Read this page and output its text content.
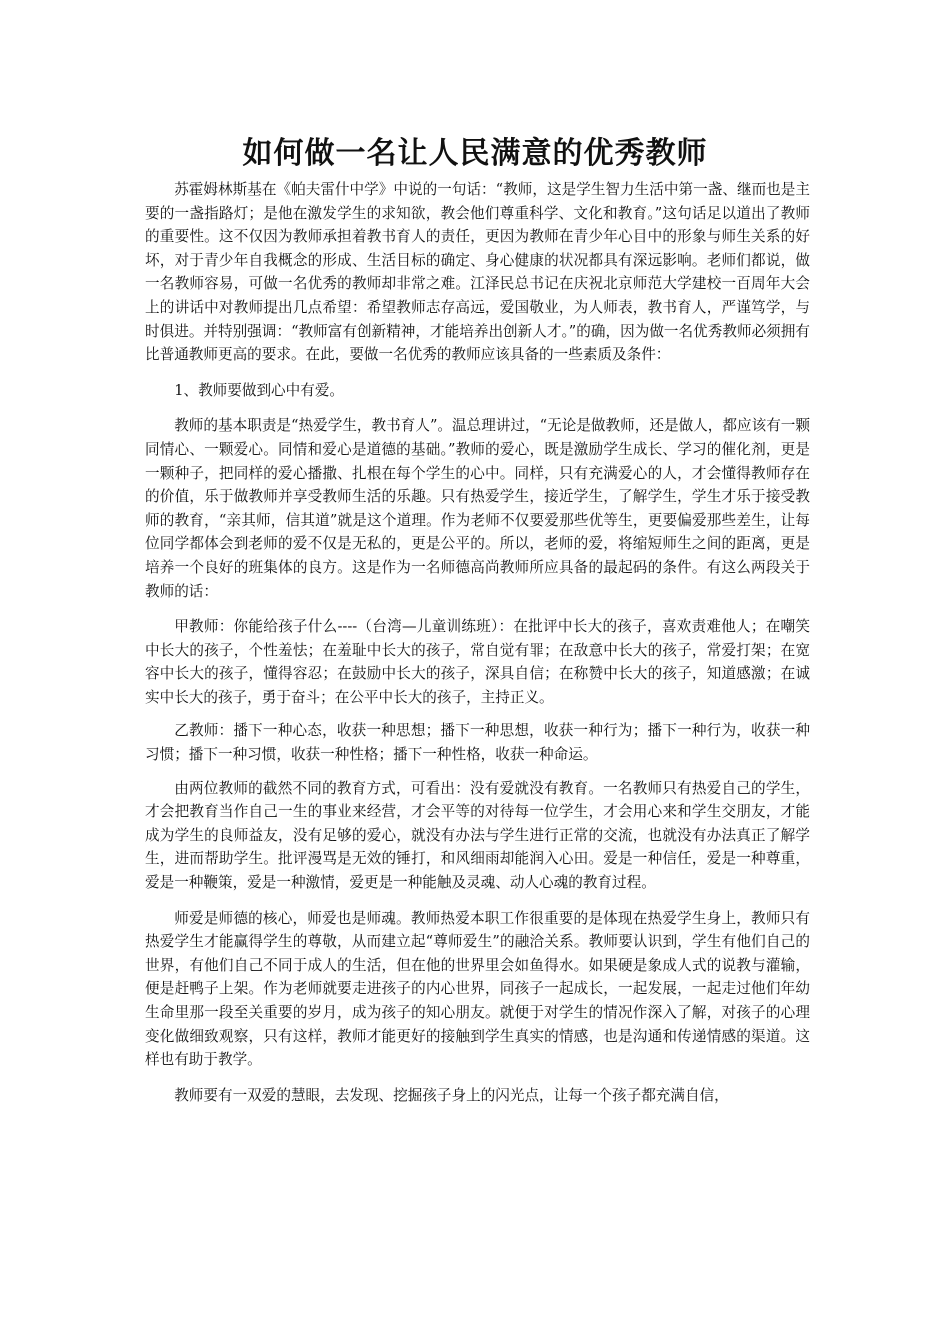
如何做一名让人民满意的优秀教师

苏霍姆林斯基在《帕夫雷什中学》中说的一句话：“教师，这是学生智力生活中第一盏、继而也是主要的一盏指路灯；是他在激发学生的求知欲，教会他们尊重科学、文化和教育。”这句话足以道出了教师的重要性。这不仅因为教师承担着教书育人的责任，更因为教师在青少年心目中的形象与师生关系的好坏，对于青少年自我概念的形成、生活目标的确定、身心健康的状况都具有深远影响。老师们都说，做一名教师容易，可做一名优秀的教师却非常之难。江泽民总书记在庆祝北京师范大学建校一百周年大会上的讲话中对教师提出几点希望：希望教师志存高远，爱国敬业，为人师表，教书育人，严谨笃学，与时俱进。并特别强调：“教师富有创新精神，才能培养出创新人才。”的确，因为做一名优秀教师必须拥有比普通教师更高的要求。在此，要做一名优秀的教师应该具备的一些素质及条件：

1、教师要做到心中有爱。

教师的基本职责是“热爱学生，教书育人”。温总理讲过，“无论是做教师，还是做人，都应该有一颗同情心、一颗爱心。同情和爱心是道德的基础。”教师的爱心，既是激励学生成长、学习的催化剂，更是一颗种子，把同样的爱心播撒、扎根在每个学生的心中。同样，只有充满爱心的人，才会懂得教师存在的价值，乐于做教师并享受教师生活的乐趣。只有热爱学生，接近学生，了解学生，学生才乐于接受教师的教育，“亲其师，信其道”就是这个道理。作为老师不仅要爱那些优等生，更要偏爱那些差生，让每位同学都体会到老师的爱不仅是无私的，更是公平的。所以，老师的爱，将缩短师生之间的距离，更是培养一个良好的班集体的良方。这是作为一名师德高尚教师所应具备的最起码的条件。有这么两段关于教师的话：

甲教师：你能给孩子什么----（台湾—儿童训练班）：在批评中长大的孩子，喜欢责难他人；在嘲笑中长大的孩子，个性羞怯；在羞耻中长大的孩子，常自觉有罪；在敌意中长大的孩子，常爱打架；在宽容中长大的孩子，懂得容忍；在鼓励中长大的孩子，深具自信；在称赞中长大的孩子，知道感激；在诚实中长大的孩子，勇于奋斗；在公平中长大的孩子，主持正义。

乙教师：播下一种心态，收获一种思想；播下一种思想，收获一种行为；播下一种行为，收获一种习惯；播下一种习惯，收获一种性格；播下一种性格，收获一种命运。

由两位教师的截然不同的教育方式，可看出：没有爱就没有教育。一名教师只有热爱自己的学生，才会把教育当作自己一生的事业来经营，才会平等的对待每一位学生，才会用心来和学生交朋友，才能成为学生的良师益友，没有足够的爱心，就没有办法与学生进行正常的交流，也就没有办法真正了解学生，进而帮助学生。批评漫骂是无效的锤打，和风细雨却能润入心田。爱是一种信任，爱是一种尊重，爱是一种鞭策，爱是一种激情，爱更是一种能触及灵魂、动人心魂的教育过程。

师爱是师德的核心，师爱也是师魂。教师热爱本职工作很重要的是体现在热爱学生身上，教师只有热爱学生才能赢得学生的尊敬，从而建立起“尊师爱生”的融洽关系。教师要认识到，学生有他们自己的世界，有他们自己不同于成人的生活，但在他的世界里会如鱼得水。如果硬是象成人式的说教与灌输，便是赶鸭子上架。作为老师就要走进孩子的内心世界，同孩子一起成长，一起发展，一起走过他们年幼生命里那一段至关重要的岁月，成为孩子的知心朋友。就便于对学生的情况作深入了解，对孩子的心理变化做细致观察，只有这样，教师才能更好的接触到学生真实的情感，也是沟通和传递情感的渠道。这样也有助于教学。

教师要有一双爱的慧眼，去发现、挖掘孩子身上的闪光点，让每一个孩子都充满自信，
